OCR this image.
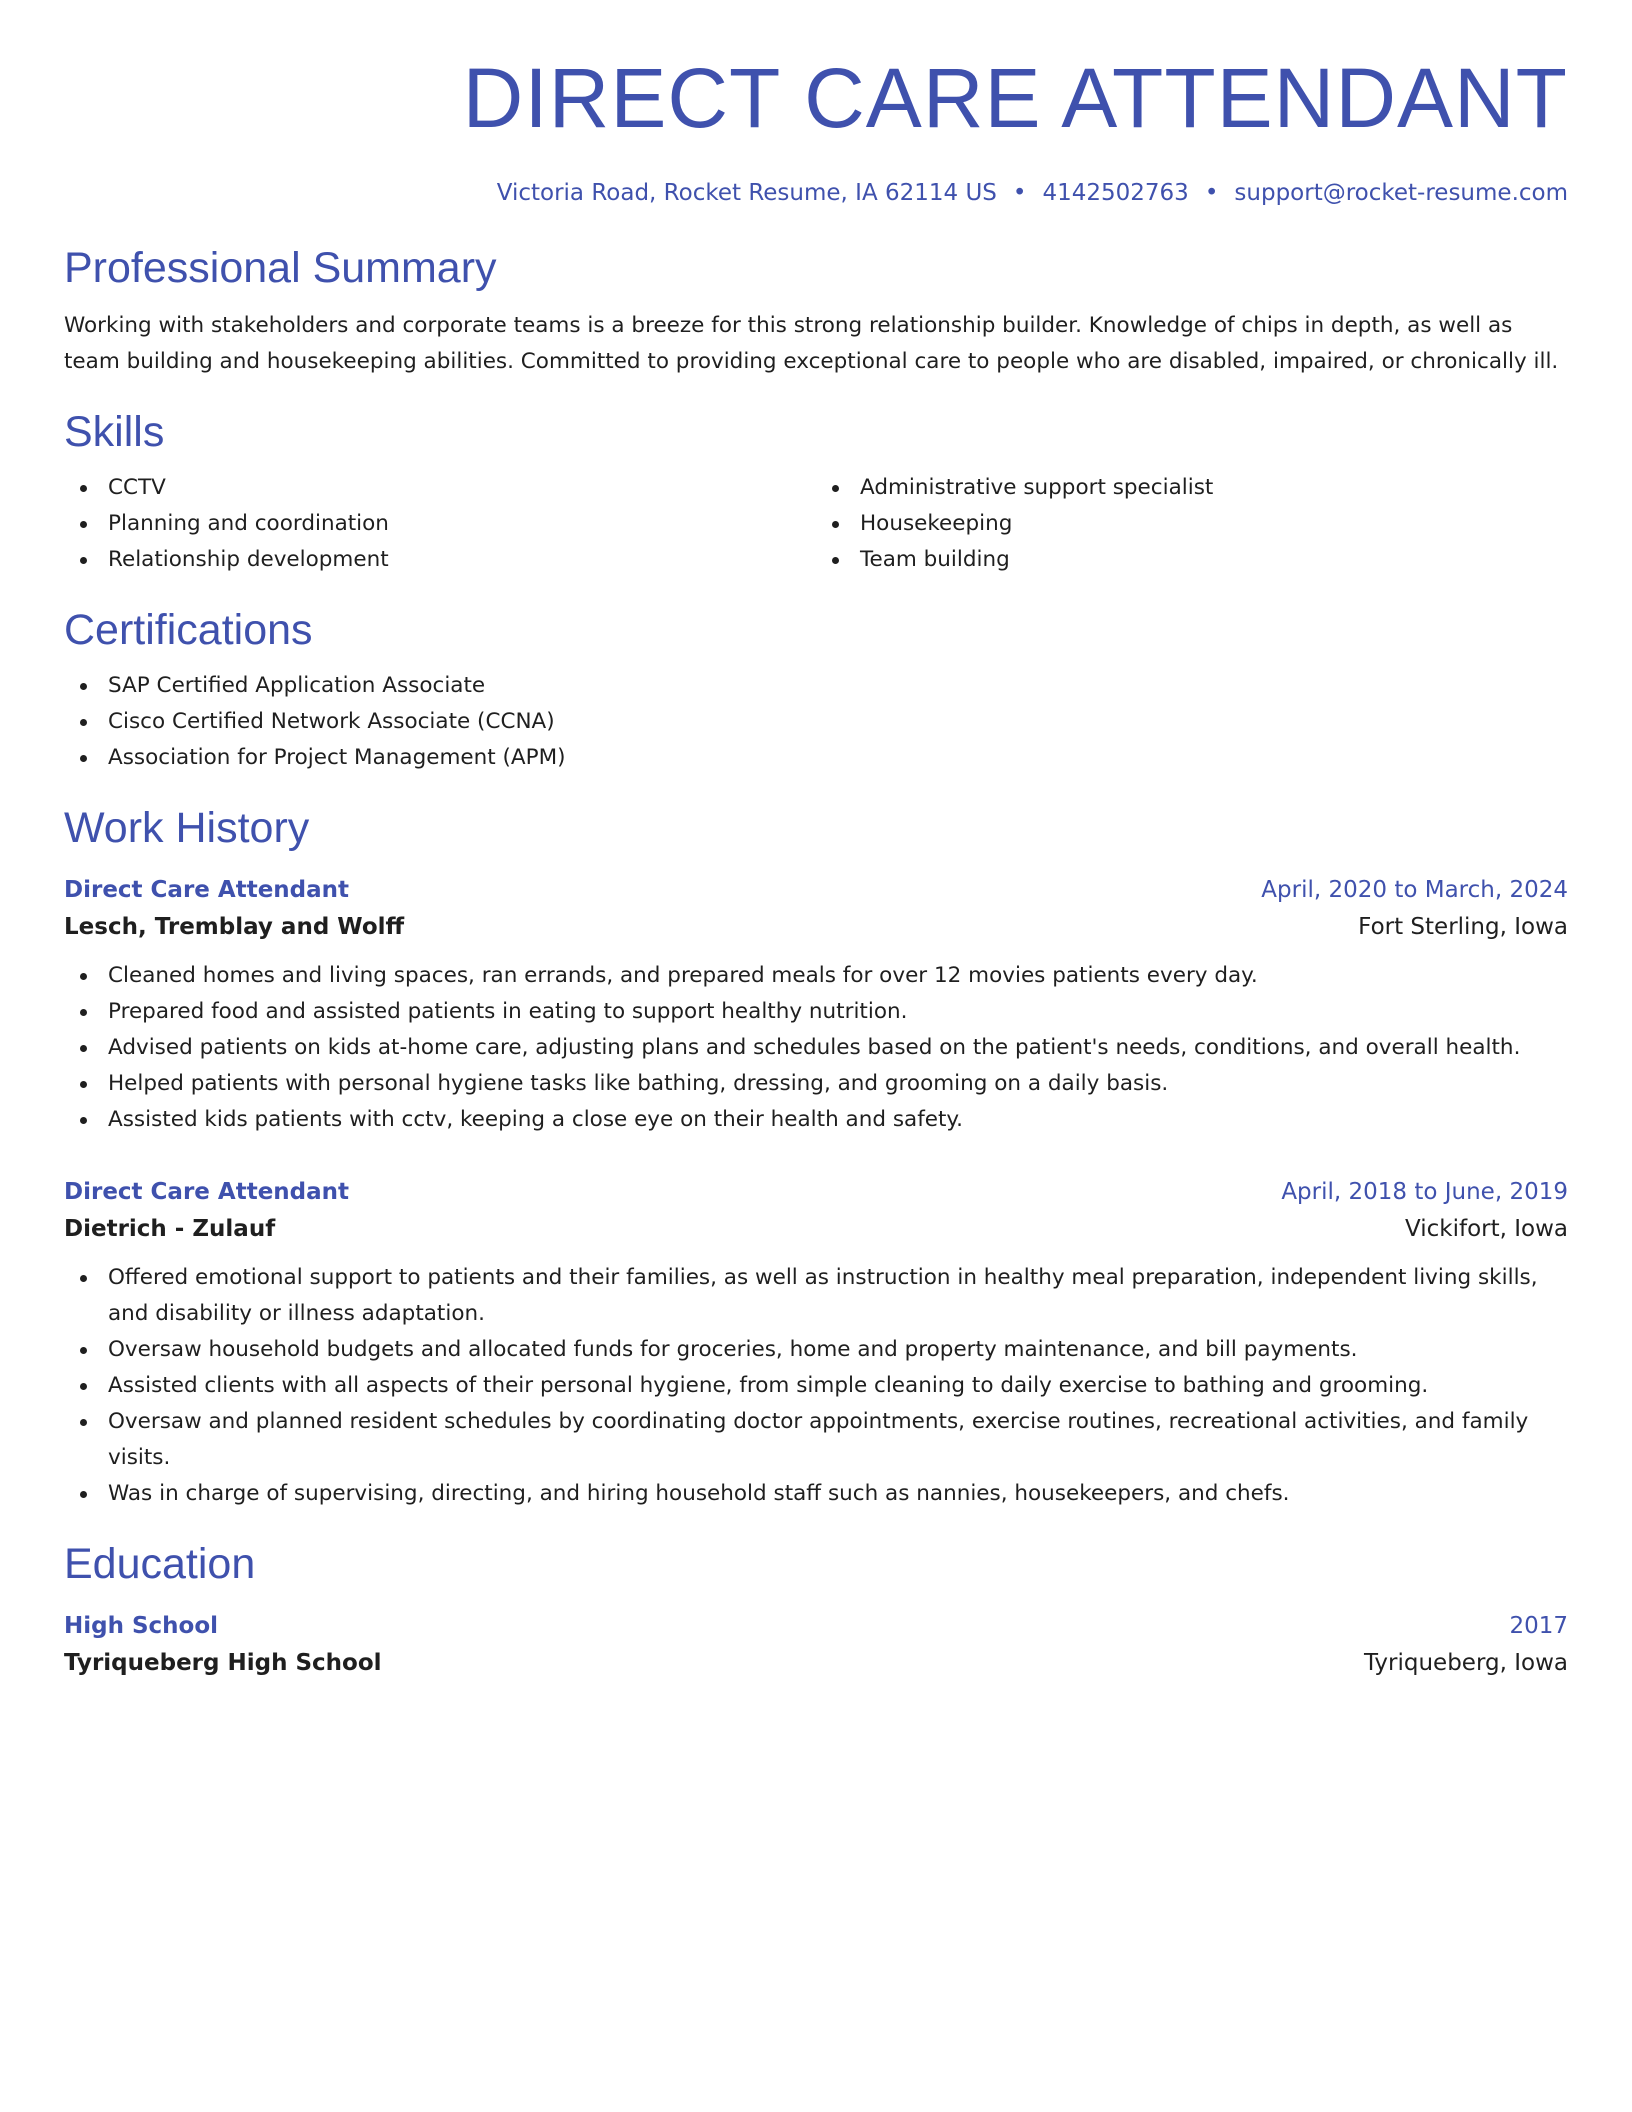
DIRECT CARE ATTENDANT
Victoria Road, Rocket Resume, IA 62114 US • 4142502763 • support@rocket-resume.com
Professional Summary

Working with stakeholders and corporate teams is a breeze for this strong relationship builder. Knowledge of chips in depth, as well as team building and housekeeping abilities. Committed to providing exceptional care to people who are disabled, impaired, or chronically ill.

Skills
CCTV
Planning and coordination
Relationship development
Administrative support specialist
Housekeeping
Team building
Certifications
SAP Certified Application Associate
Cisco Certified Network Associate (CCNA)
Association for Project Management (APM)
Work History
Direct Care Attendant	April, 2020 to March, 2024
Lesch, Tremblay and Wolff	Fort Sterling, Iowa
Cleaned homes and living spaces, ran errands, and prepared meals for over 12 movies patients every day.
Prepared food and assisted patients in eating to support healthy nutrition.
Advised patients on kids at-home care, adjusting plans and schedules based on the patient's needs, conditions, and overall health.
Helped patients with personal hygiene tasks like bathing, dressing, and grooming on a daily basis.
Assisted kids patients with cctv, keeping a close eye on their health and safety.
Direct Care Attendant	April, 2018 to June, 2019
Dietrich - Zulauf	Vickifort, Iowa
Offered emotional support to patients and their families, as well as instruction in healthy meal preparation, independent living skills, and disability or illness adaptation.
Oversaw household budgets and allocated funds for groceries, home and property maintenance, and bill payments.
Assisted clients with all aspects of their personal hygiene, from simple cleaning to daily exercise to bathing and grooming.
Oversaw and planned resident schedules by coordinating doctor appointments, exercise routines, recreational activities, and family visits.
Was in charge of supervising, directing, and hiring household staff such as nannies, housekeepers, and chefs.
Education
High School	2017
Tyriqueberg High School	Tyriqueberg, Iowa
